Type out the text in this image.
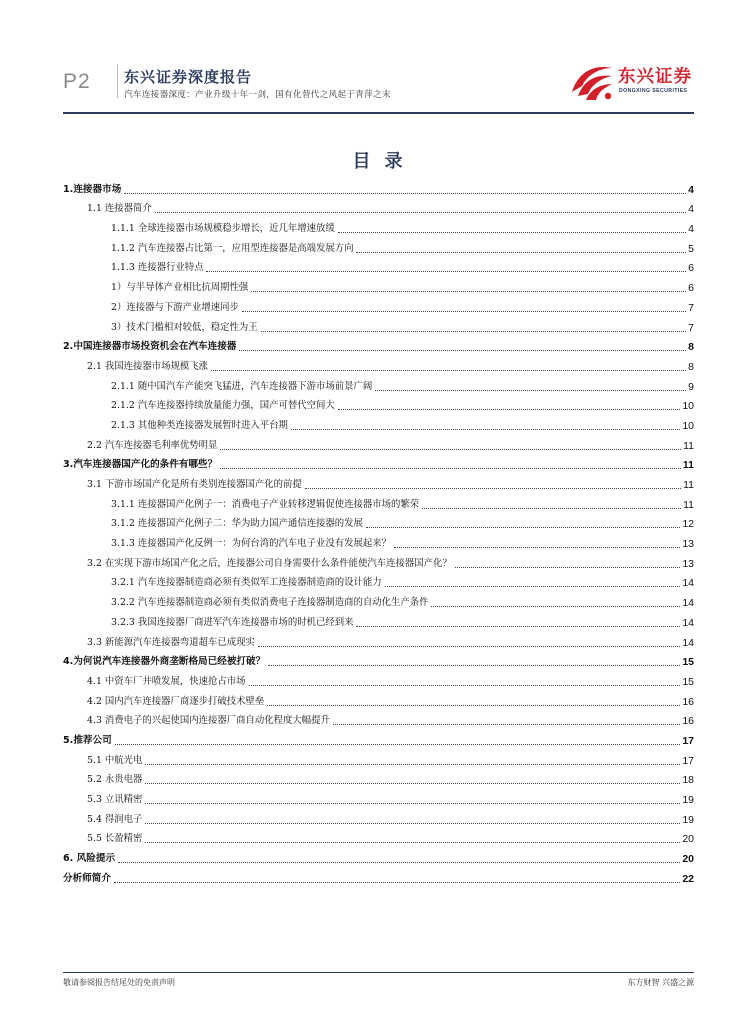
P2 东兴证券深度报告
汽车连接器深度：产业升级十年一剑，国有化替代之风起于青萍之末
东兴证券
DONGXING SECURITIES
目录
1.连接器市场	4
1.1 连接器简介	4
1.1.1 全球连接器市场规模稳步增长，近几年增速放缓	4
1.1.2 汽车连接器占比第一，应用型连接器是高端发展方向	5
1.1.3 连接器行业特点	6
1）与半导体产业相比抗周期性强	6
2）连接器与下游产业增速同步	7
3）技术门槛相对较低，稳定性为王	7
2.中国连接器市场投资机会在汽车连接器	8
2.1 我国连接器市场规模飞涨	8
2.1.1 随中国汽车产能突飞猛进，汽车连接器下游市场前景广阔	9
2.1.2 汽车连接器持续放量能力强，国产可替代空间大	10
2.1.3 其他种类连接器发展暂时进入平台期	10
2.2 汽车连接器毛利率优势明显	11
3.汽车连接器国产化的条件有哪些？	11
3.1 下游市场国产化是所有类别连接器国产化的前提	11
3.1.1 连接器国产化例子一：消费电子产业转移逻辑促使连接器市场的繁荣	11
3.1.2 连接器国产化例子二：华为助力国产通信连接器的发展	12
3.1.3 连接器国产化反例一：为何台湾的汽车电子业没有发展起来？	13
3.2 在实现下游市场国产化之后，连接器公司自身需要什么条件能使汽车连接器国产化？	13
3.2.1 汽车连接器制造商必须有类似军工连接器制造商的设计能力	14
3.2.2 汽车连接器制造商必须有类似消费电子连接器制造商的自动化生产条件	14
3.2.3 我国连接器厂商进军汽车连接器市场的时机已经到来	14
3.3 新能源汽车连接器弯道超车已成现实	14
4.为何说汽车连接器外商垄断格局已经被打破？	15
4.1 中资车厂井喷发展，快速抢占市场	15
4.2 国内汽车连接器厂商逐步打破技术壁垒	16
4.3 消费电子的兴起使国内连接器厂商自动化程度大幅提升	16
5.推荐公司	17
5.1 中航光电	17
5.2 永贵电器	18
5.3 立讯精密	19
5.4 得润电子	19
5.5 长盈精密	20
6. 风险提示	20
分析师简介	22
敬请参阅报告结尾处的免责声明	东方财智 兴盛之源
